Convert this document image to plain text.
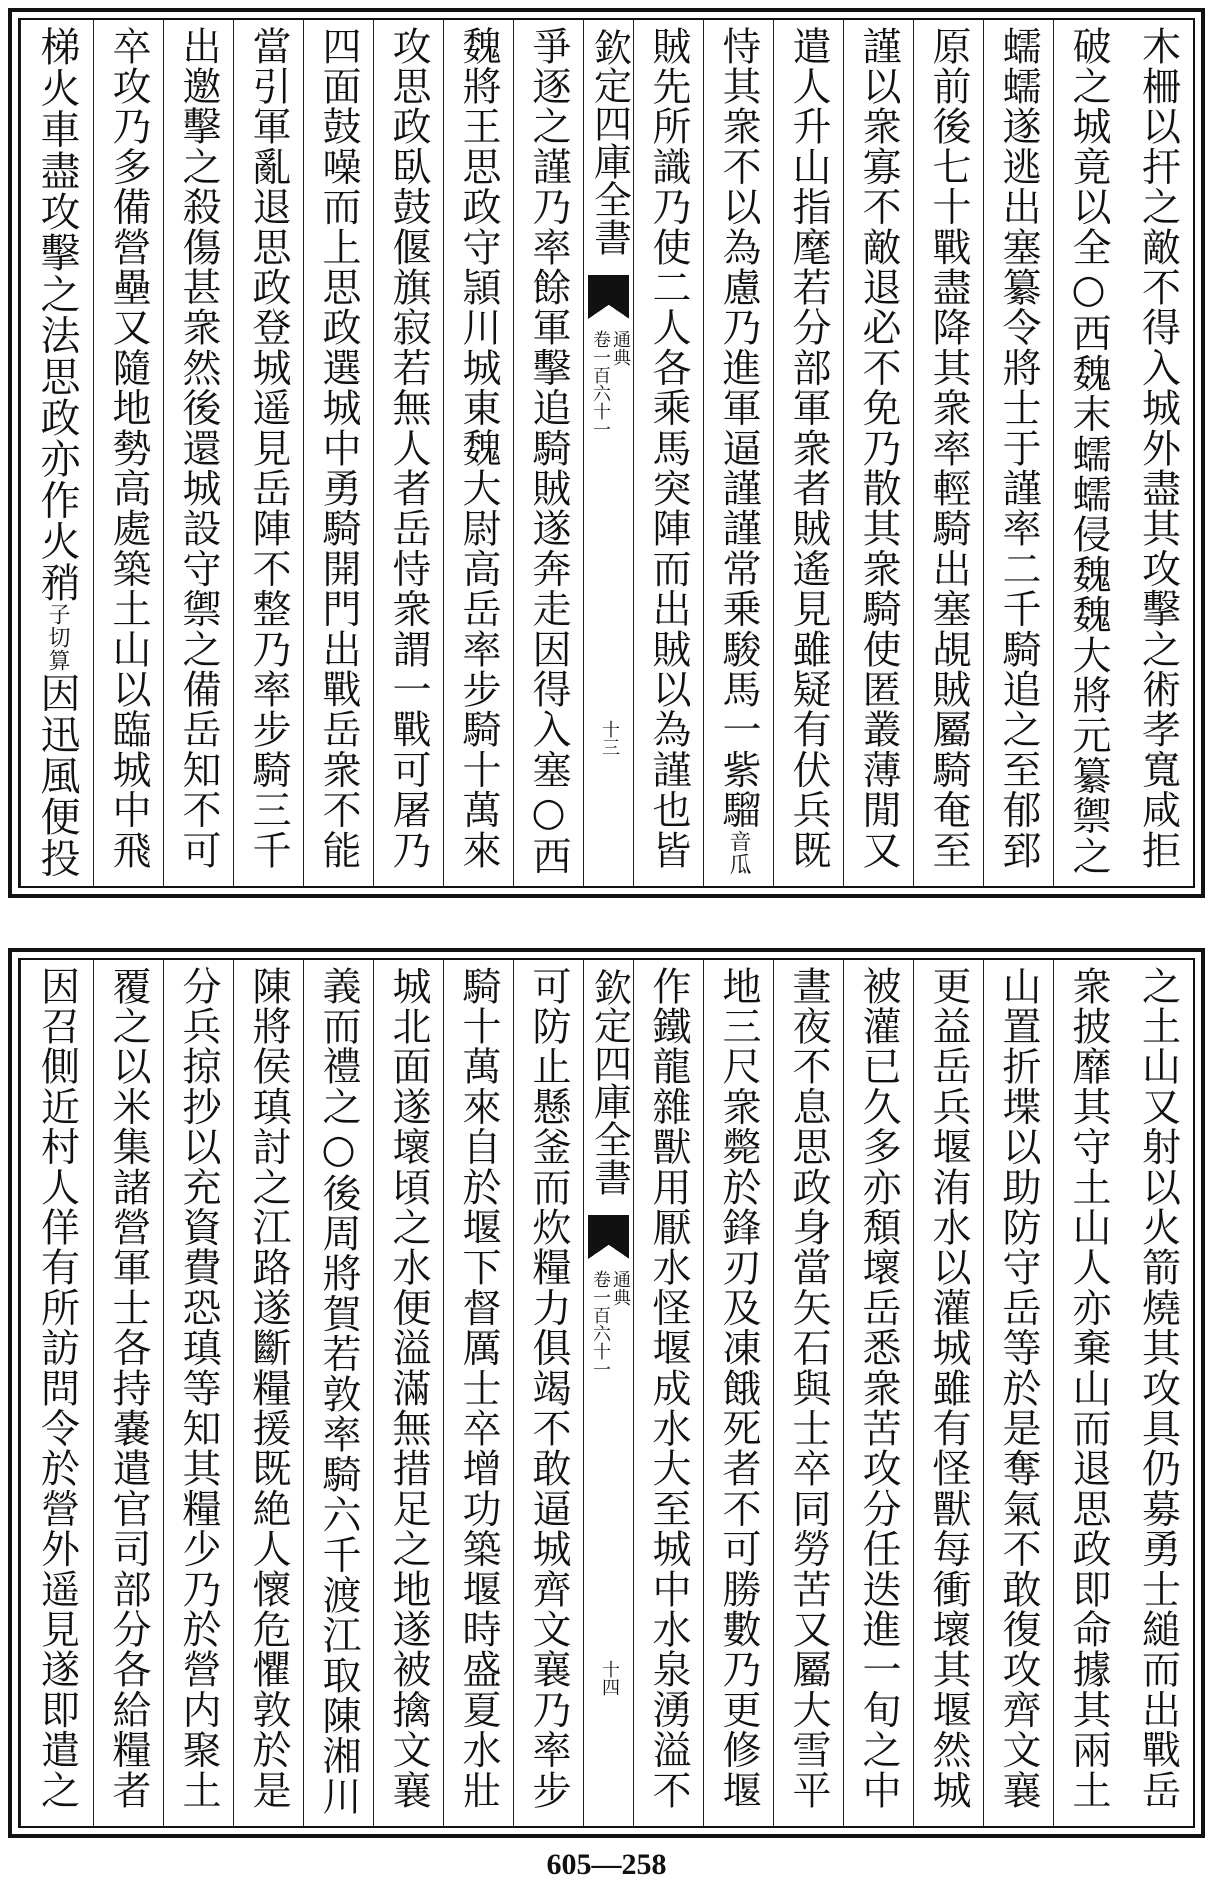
木柵以扞之敵不得入城外盡其攻擊之術孝寬咸拒
破之城竟以全○西魏末蠕蠕侵魏魏大將元纂禦之
蠕蠕遂逃出塞纂令將士于謹率二千騎追之至郁郅
原前後七十戰盡降其衆率輕騎出塞覘賊屬騎奄至
謹以衆寡不敵退必不免乃散其衆騎使匿叢薄閒又
遣人升山指麾若分部軍衆者賊遙見雖疑有伏兵既
恃其衆不以為慮乃進軍逼謹謹常乗駿馬一紫騮音瓜
賊先所識乃使二人各乘馬突陣而出賊以為謹也皆
欽定四庫全書
通典
卷一百六十一
十三
爭逐之謹乃率餘軍擊追騎賊遂奔走因得入塞○西
魏將王思政守頴川城東魏大尉高岳率步騎十萬來
攻思政臥鼓偃旗寂若無人者岳恃衆謂一戰可屠乃
四面鼓噪而上思政選城中勇騎開門出戰岳衆不能
當引軍亂退思政登城遥見岳陣不整乃率步騎三千
出邀擊之殺傷甚衆然後還城設守禦之備岳知不可
卒攻乃多備營壘又隨地勢高處築土山以臨城中飛
梯火車盡攻擊之法思政亦作火矟子切算因迅風便投
之土山又射以火箭燒其攻具仍募勇士縋而出戰岳
衆披靡其守土山人亦棄山而退思政即命據其兩土
山置折堞以助防守岳等於是奪氣不敢復攻齊文襄
更益岳兵堰洧水以灌城雖有怪獸每衝壞其堰然城
被灌已久多亦頽壞岳悉衆苦攻分任迭進一旬之中
晝夜不息思政身當矢石與士卒同勞苦又屬大雪平
地三尺衆斃於鋒刃及凍餓死者不可勝數乃更修堰
作鐵龍雜獸用厭水怪堰成水大至城中水泉湧溢不
欽定四庫全書
通典
卷一百六十一
十四
可防止懸釜而炊糧力俱竭不敢逼城齊文襄乃率步
騎十萬來自於堰下督厲士卒增功築堰時盛夏水壯
城北面遂壞頃之水便溢滿無措足之地遂被擒文襄
義而禮之○後周將賀若敦率騎六千渡江取陳湘川
陳將侯瑱討之江路遂斷糧援既絶人懷危懼敦於是
分兵掠抄以充資費恐瑱等知其糧少乃於營内聚土
覆之以米集諸營軍士各持嚢遣官司部分各給糧者
因召側近村人佯有所訪問令於營外遥見遂即遣之
605—258
